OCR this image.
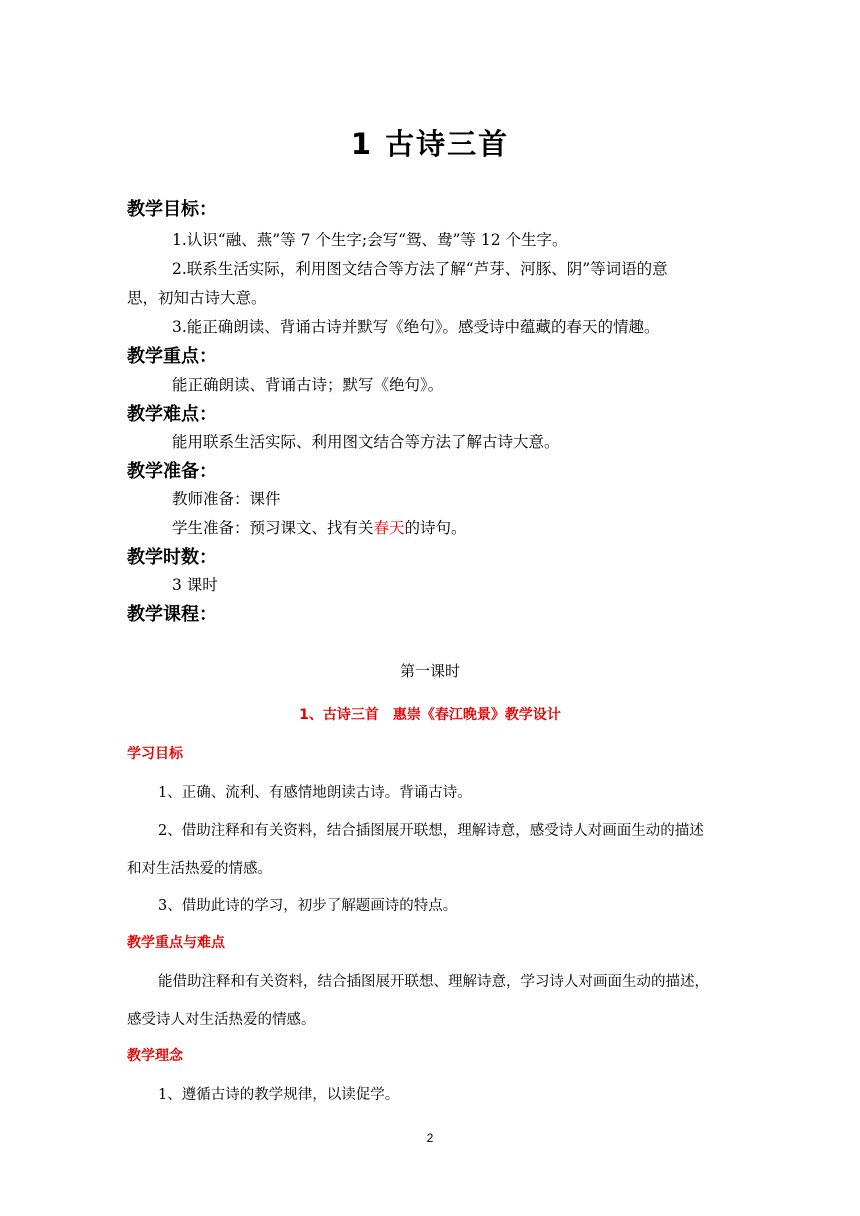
1 古诗三首
教学目标：
1.认识“融、燕”等 7 个生字;会写“鸳、鸯”等 12 个生字。
2.联系生活实际，利用图文结合等方法了解“芦芽、河豚、阴”等词语的意
思，初知古诗大意。
3.能正确朗读、背诵古诗并默写《绝句》。感受诗中蕴藏的春天的情趣。
教学重点：
能正确朗读、背诵古诗；默写《绝句》。
教学难点：
能用联系生活实际、利用图文结合等方法了解古诗大意。
教学准备：
教师准备：课件
学生准备：预习课文、找有关春天的诗句。
教学时数：
3 课时
教学课程：
第一课时
1、古诗三首　惠崇《春江晚景》教学设计
学习目标
1、正确、流利、有感情地朗读古诗。背诵古诗。
2、借助注释和有关资料，结合插图展开联想，理解诗意，感受诗人对画面生动的描述
和对生活热爱的情感。
3、借助此诗的学习，初步了解题画诗的特点。
教学重点与难点
能借助注释和有关资料，结合插图展开联想、理解诗意，学习诗人对画面生动的描述，
感受诗人对生活热爱的情感。
教学理念
1、遵循古诗的教学规律，以读促学。
2
